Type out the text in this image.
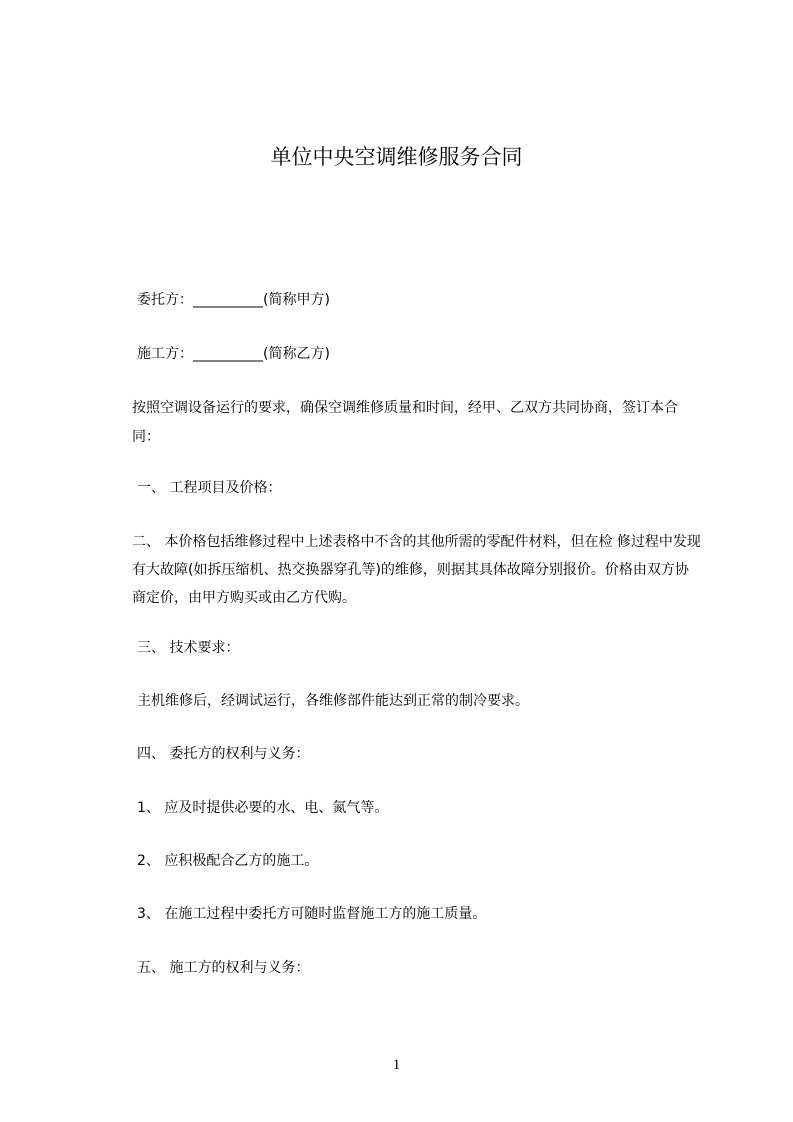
单位中央空调维修服务合同
委托方：__________(简称甲方)
施工方：__________(简称乙方)
按照空调设备运行的要求，确保空调维修质量和时间，经甲、乙双方共同协商，签订本合同：
一、 工程项目及价格：
二、 本价格包括维修过程中上述表格中不含的其他所需的零配件材料，但在检 修过程中发现有大故障(如拆压缩机、热交换器穿孔等)的维修，则据其具体故障分别报价。价格由双方协商定价，由甲方购买或由乙方代购。
三、 技术要求：
主机维修后，经调试运行，各维修部件能达到正常的制冷要求。
四、 委托方的权利与义务：
1、 应及时提供必要的水、电、氮气等。
2、 应积极配合乙方的施工。
3、 在施工过程中委托方可随时监督施工方的施工质量。
五、 施工方的权利与义务：
1
